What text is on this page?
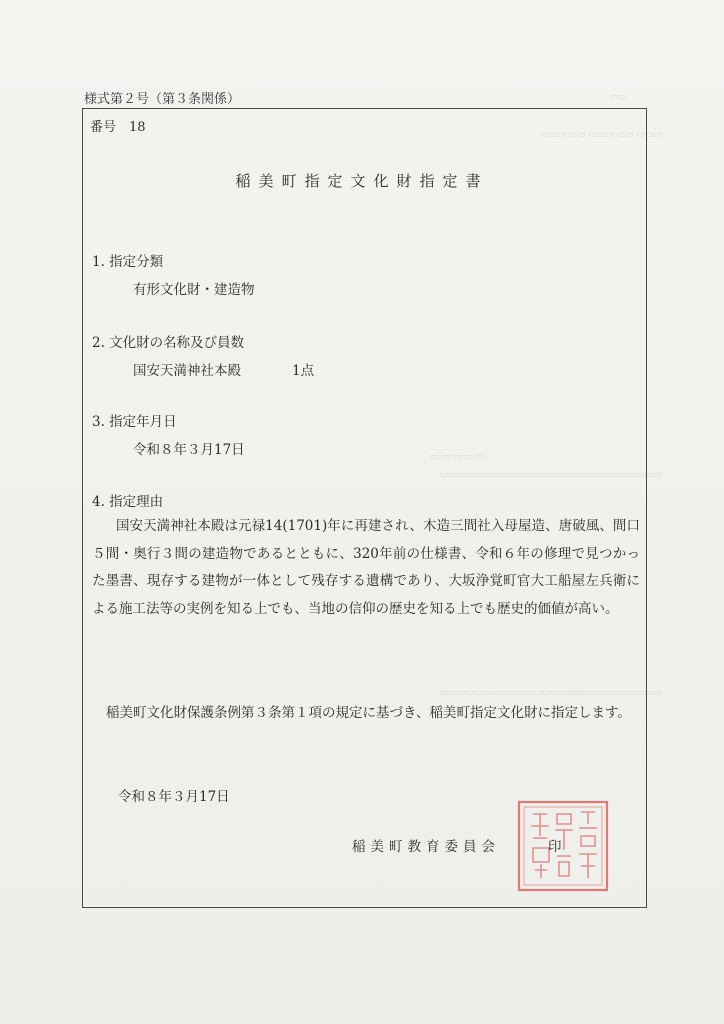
▭▭
▭▭▭ ▭▭ ▭▭▭ ▭▭ ▭▭▭
▭ ▭ ▭ ▭ ▭
▭▭▭▭▭▭▭▭▭▭▭▭▭▭▭▭▭▭▭▭▭▭▭▭▭▭
▭▭▭▭▭▭▭▭▭▭▭▭▭▭▭▭▭▭▭▭▭▭▭▭▭▭
様式第２号（第３条関係）
番号　18
稲美町指定文化財指定書
1. 指定分類
有形文化財・建造物
2. 文化財の名称及び員数
国安天満神社本殿	1点
3. 指定年月日
令和８年３月17日
4. 指定理由
国安天満神社本殿は元禄14(1701)年に再建され、木造三間社入母屋造、唐破風、間口５間・奥行３間の建造物であるとともに、320年前の仕様書、令和６年の修理で見つかった墨書、現存する建物が一体として残存する遺構であり、大坂浄覚町官大工船屋左兵衛による施工法等の実例を知る上でも、当地の信仰の歴史を知る上でも歴史的価値が高い。
稲美町文化財保護条例第３条第１項の規定に基づき、稲美町指定文化財に指定します。
令和８年３月17日
稲美町教育委員会	印
